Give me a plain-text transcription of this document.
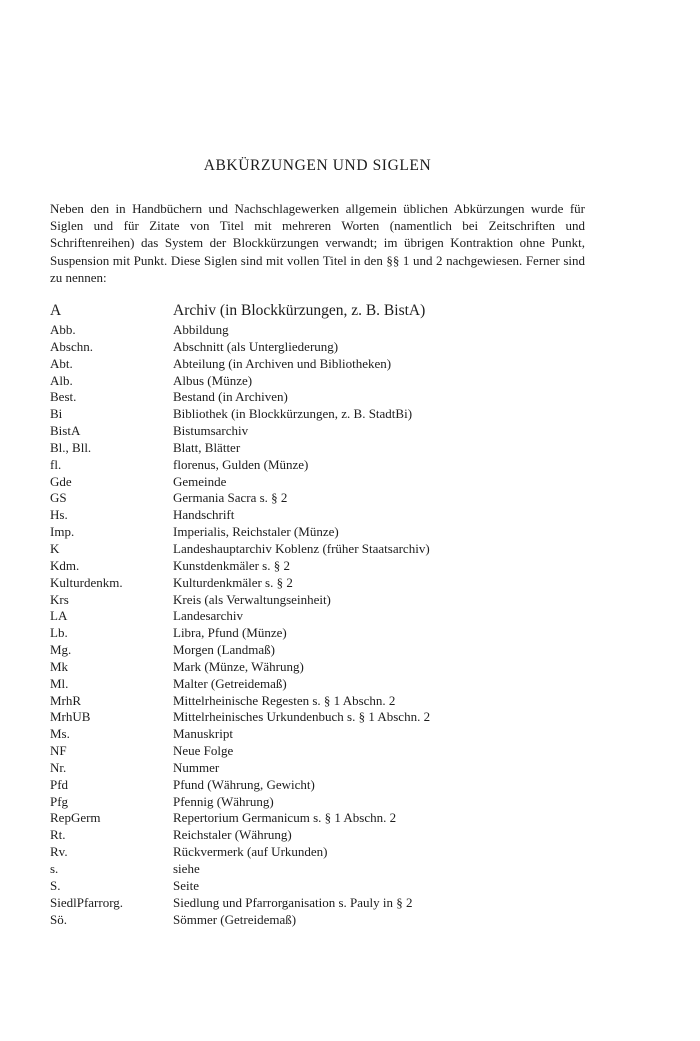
ABKÜRZUNGEN UND SIGLEN

Neben den in Handbüchern und Nachschlagewerken allgemein üblichen Abkürzungen wurde für Siglen und für Zitate von Titel mit mehreren Worten (namentlich bei Zeitschriften und Schriftenreihen) das System der Blockkürzungen verwandt; im übrigen Kontraktion ohne Punkt, Suspension mit Punkt. Diese Siglen sind mit vollen Titel in den §§ 1 und 2 nachgewiesen. Ferner sind zu nennen:

A	Archiv (in Blockkürzungen, z. B. BistA)
Abb.	Abbildung
Abschn.	Abschnitt (als Untergliederung)
Abt.	Abteilung (in Archiven und Bibliotheken)
Alb.	Albus (Münze)
Best.	Bestand (in Archiven)
Bi	Bibliothek (in Blockkürzungen, z. B. StadtBi)
BistA	Bistumsarchiv
Bl., Bll.	Blatt, Blätter
fl.	florenus, Gulden (Münze)
Gde	Gemeinde
GS	Germania Sacra s. § 2
Hs.	Handschrift
Imp.	Imperialis, Reichstaler (Münze)
K	Landeshauptarchiv Koblenz (früher Staatsarchiv)
Kdm.	Kunstdenkmäler s. § 2
Kulturdenkm.	Kulturdenkmäler s. § 2
Krs	Kreis (als Verwaltungseinheit)
LA	Landesarchiv
Lb.	Libra, Pfund (Münze)
Mg.	Morgen (Landmaß)
Mk	Mark (Münze, Währung)
Ml.	Malter (Getreidemaß)
MrhR	Mittelrheinische Regesten s. § 1 Abschn. 2
MrhUB	Mittelrheinisches Urkundenbuch s. § 1 Abschn. 2
Ms.	Manuskript
NF	Neue Folge
Nr.	Nummer
Pfd	Pfund (Währung, Gewicht)
Pfg	Pfennig (Währung)
RepGerm	Repertorium Germanicum s. § 1 Abschn. 2
Rt.	Reichstaler (Währung)
Rv.	Rückvermerk (auf Urkunden)
s.	siehe
S.	Seite
SiedlPfarrorg.	Siedlung und Pfarrorganisation s. Pauly in § 2
Sö.	Sömmer (Getreidemaß)
